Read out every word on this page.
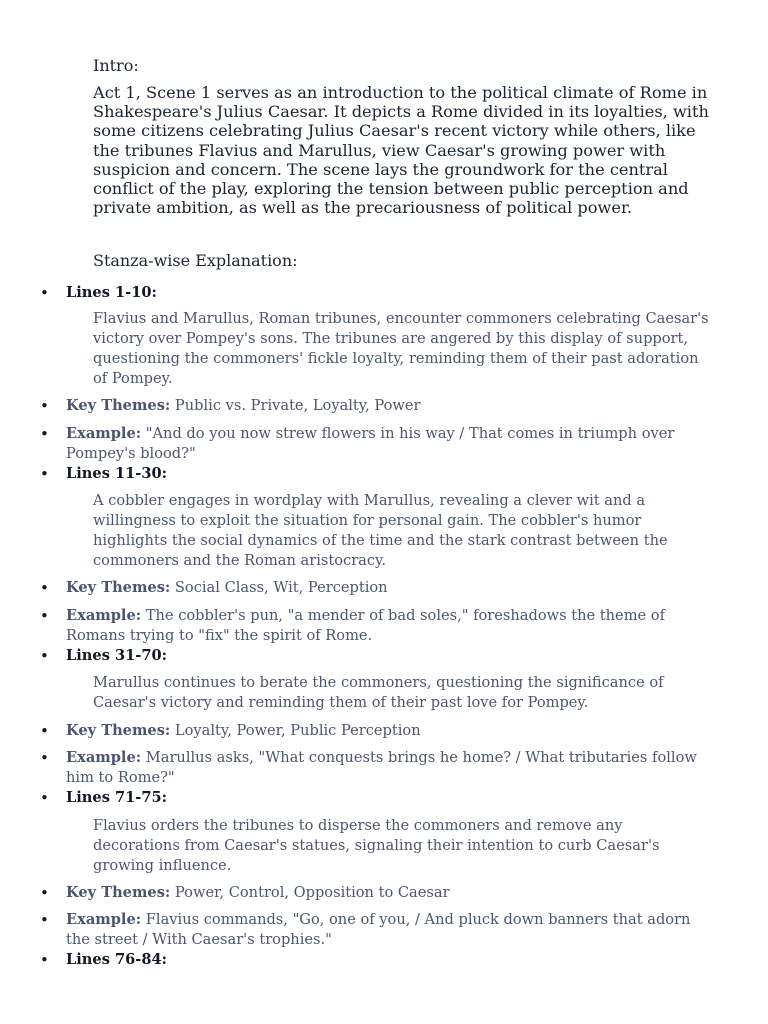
Intro:

Act 1, Scene 1 serves as an introduction to the political climate of Rome in Shakespeare's Julius Caesar. It depicts a Rome divided in its loyalties, with some citizens celebrating Julius Caesar's recent victory while others, like the tribunes Flavius and Marullus, view Caesar's growing power with suspicion and concern. The scene lays the groundwork for the central conflict of the play, exploring the tension between public perception and private ambition, as well as the precariousness of political power.

Stanza-wise Explanation:

• Lines 1-10:

Flavius and Marullus, Roman tribunes, encounter commoners celebrating Caesar's victory over Pompey's sons. The tribunes are angered by this display of support, questioning the commoners' fickle loyalty, reminding them of their past adoration of Pompey.

• Key Themes: Public vs. Private, Loyalty, Power
• Example: "And do you now strew flowers in his way / That comes in triumph over Pompey's blood?"
• Lines 11-30:

A cobbler engages in wordplay with Marullus, revealing a clever wit and a willingness to exploit the situation for personal gain. The cobbler's humor highlights the social dynamics of the time and the stark contrast between the commoners and the Roman aristocracy.

• Key Themes: Social Class, Wit, Perception
• Example: The cobbler's pun, "a mender of bad soles," foreshadows the theme of Romans trying to "fix" the spirit of Rome.
• Lines 31-70:

Marullus continues to berate the commoners, questioning the significance of Caesar's victory and reminding them of their past love for Pompey.

• Key Themes: Loyalty, Power, Public Perception
• Example: Marullus asks, "What conquests brings he home? / What tributaries follow him to Rome?"
• Lines 71-75:

Flavius orders the tribunes to disperse the commoners and remove any decorations from Caesar's statues, signaling their intention to curb Caesar's growing influence.

• Key Themes: Power, Control, Opposition to Caesar
• Example: Flavius commands, "Go, one of you, / And pluck down banners that adorn the street / With Caesar's trophies."
• Lines 76-84:
